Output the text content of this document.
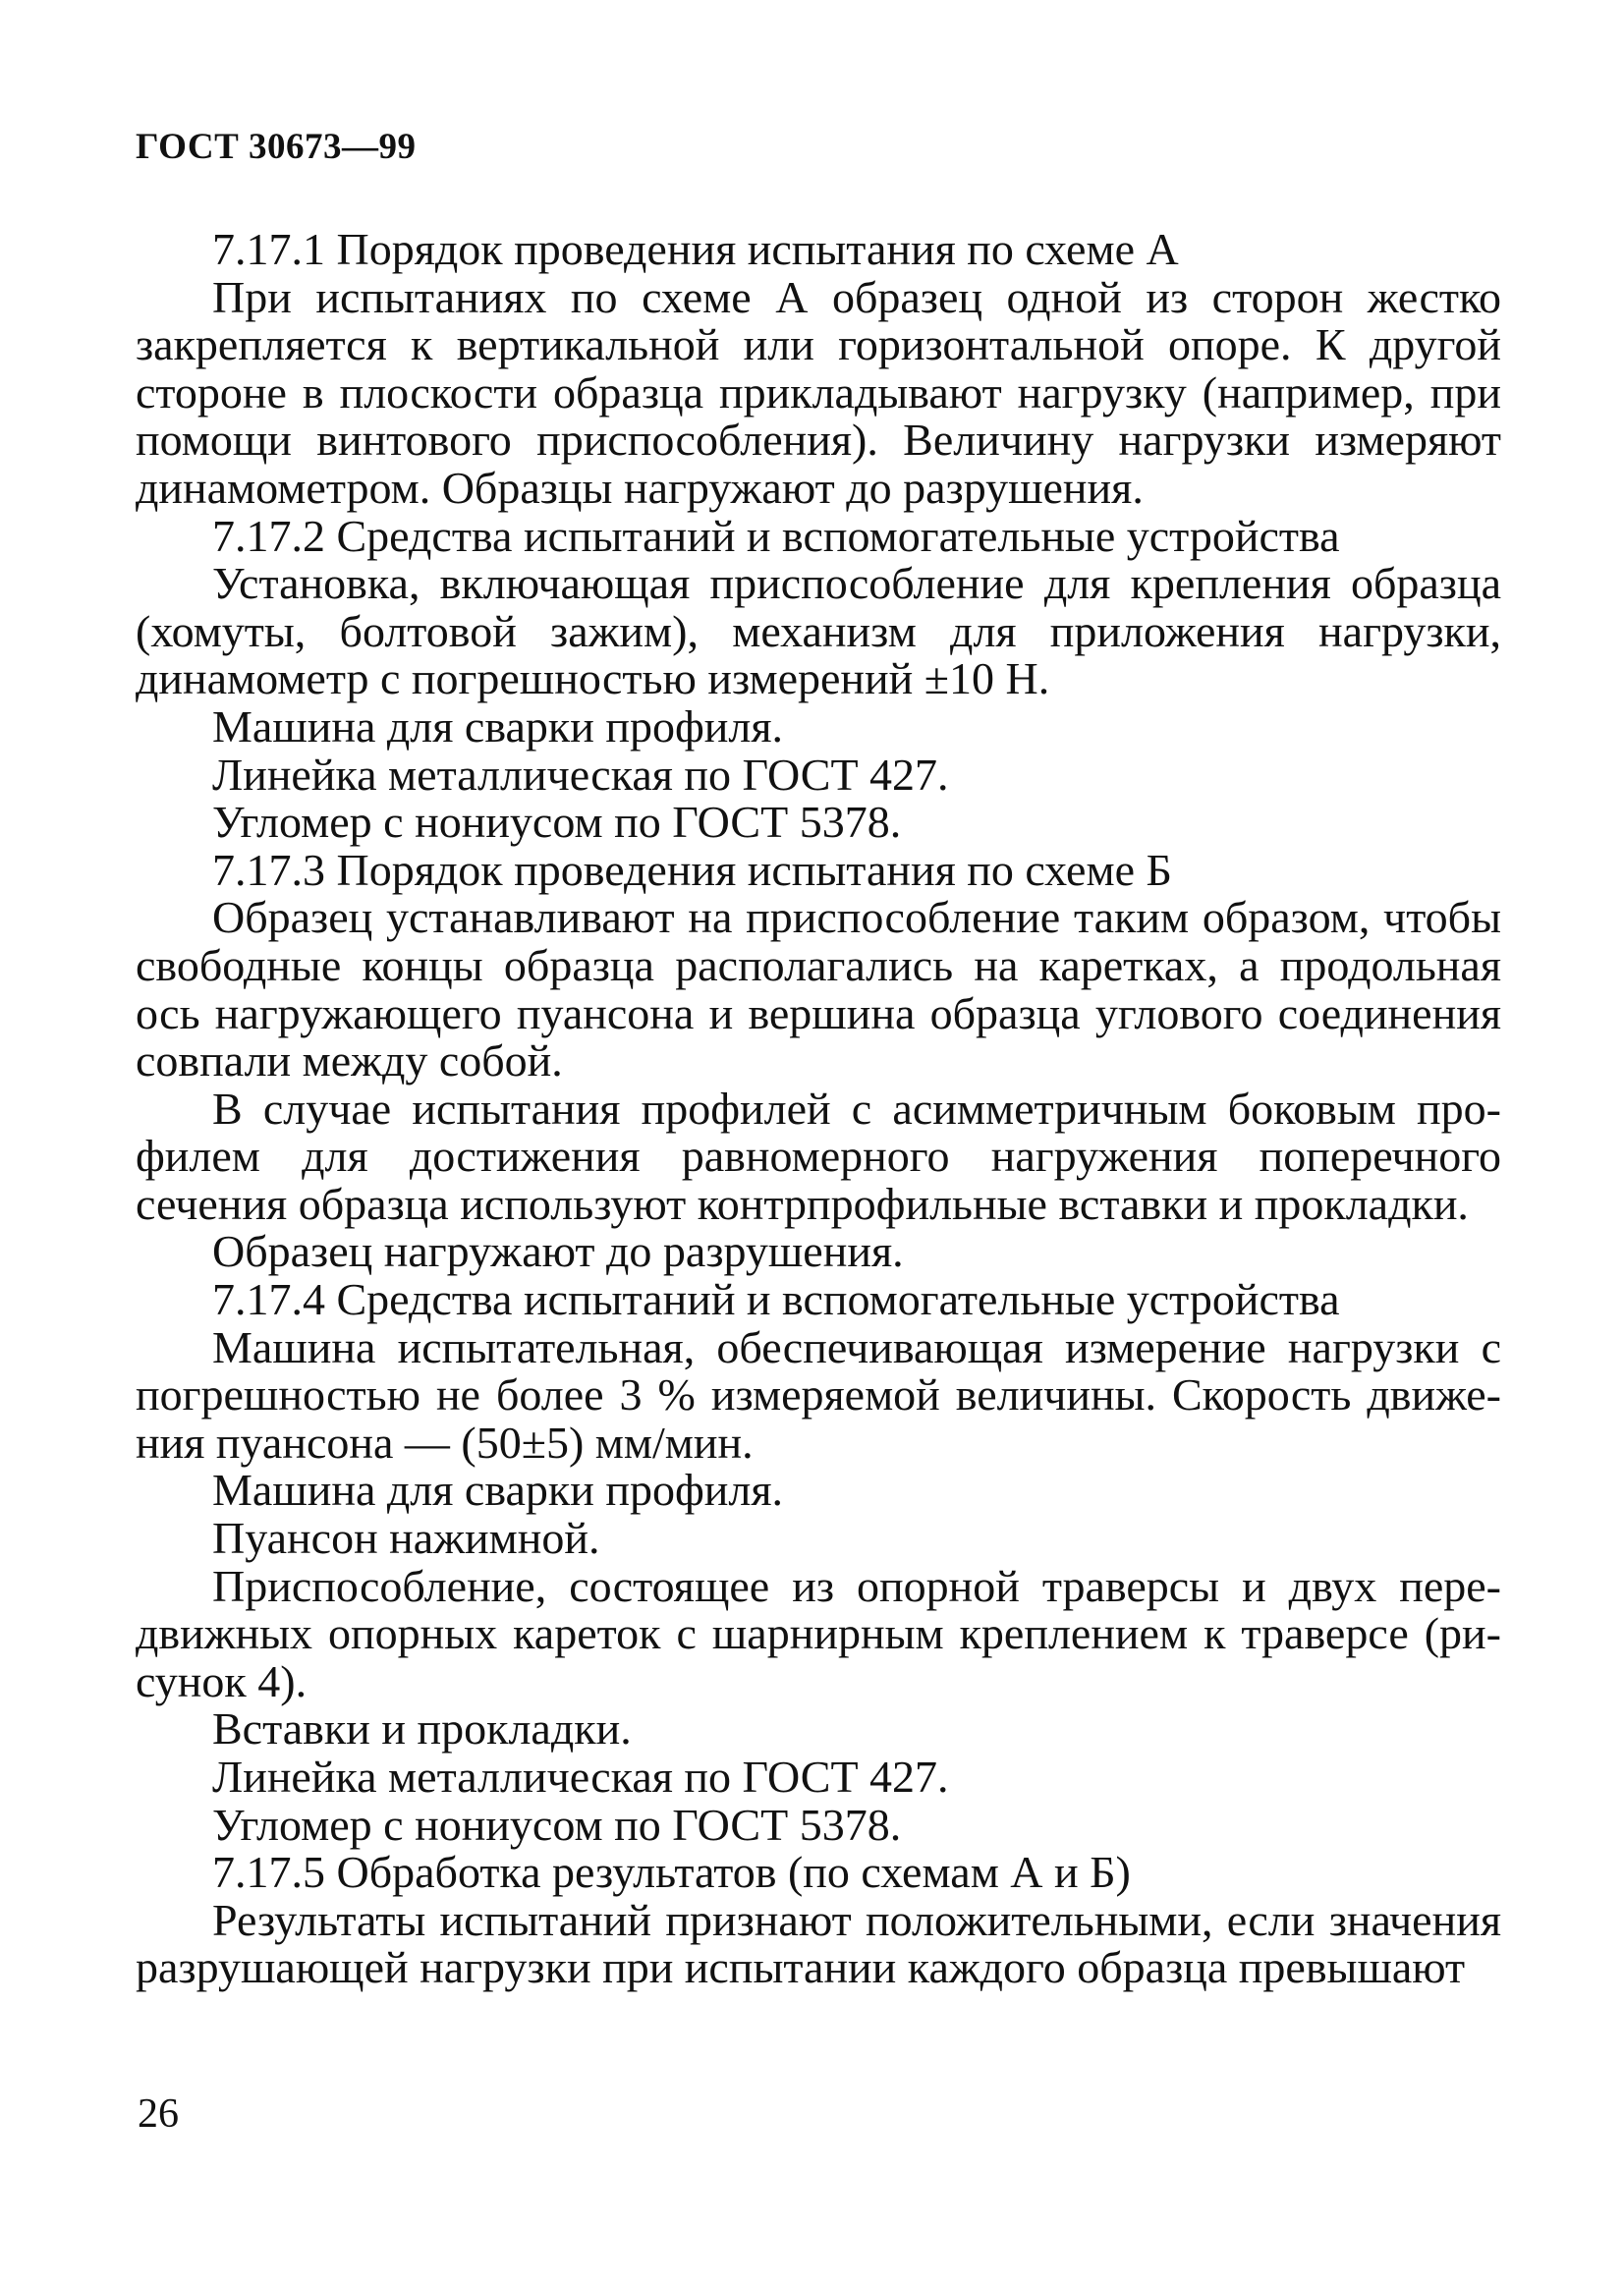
ГОСТ 30673—99

7.17.1 Порядок проведения испытания по схеме А

При испытаниях по схеме А образец одной из сторон жестко закрепляется к вертикальной или горизонтальной опоре. К другой стороне в плоскости образца прикладывают нагрузку (например, при помощи винтового приспособления). Величину нагрузки измеряют динамометром. Образцы нагружают до разрушения.

7.17.2 Средства испытаний и вспомогательные устройства

Установка, включающая приспособление для крепления образца (хомуты, болтовой зажим), механизм для приложения нагрузки, динамометр с погрешностью измерений ±10 Н.

Машина для сварки профиля.

Линейка металлическая по ГОСТ 427.

Угломер с нониусом по ГОСТ 5378.

7.17.3 Порядок проведения испытания по схеме Б

Образец устанавливают на приспособление таким образом, чтобы свободные концы образца располагались на каретках, а продольная ось нагружающего пуансона и вершина образца углового соединения совпали между собой.

В случае испытания профилей с асимметричным боковым профилем для достижения равномерного нагружения поперечного сечения образца используют контрпрофильные вставки и прокладки.

Образец нагружают до разрушения.

7.17.4 Средства испытаний и вспомогательные устройства

Машина испытательная, обеспечивающая измерение нагрузки с погрешностью не более 3 % измеряемой величины. Скорость движения пуансона — (50±5) мм/мин.

Машина для сварки профиля.

Пуансон нажимной.

Приспособление, состоящее из опорной траверсы и двух передвижных опорных кареток с шарнирным креплением к траверсе (рисунок 4).

Вставки и прокладки.

Линейка металлическая по ГОСТ 427.

Угломер с нониусом по ГОСТ 5378.

7.17.5 Обработка результатов (по схемам А и Б)

Результаты испытаний признают положительными, если значения разрушающей нагрузки при испытании каждого образца превышают

26
